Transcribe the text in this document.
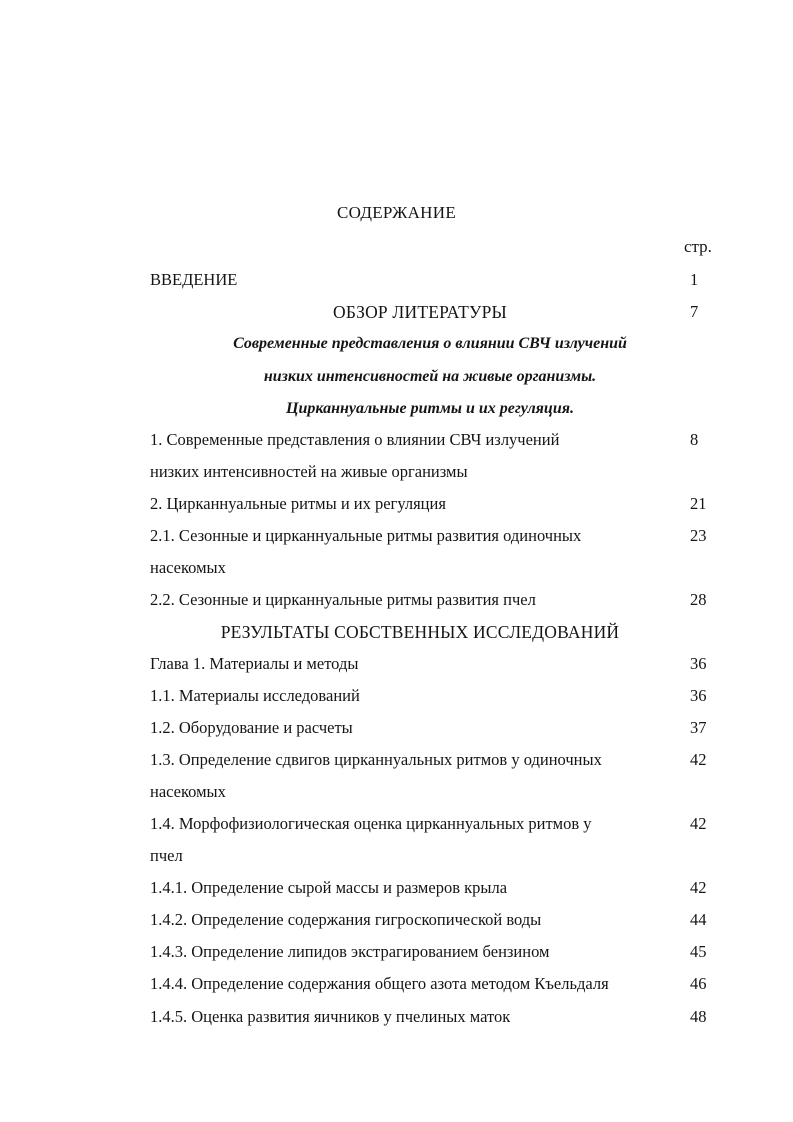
СОДЕРЖАНИЕ
стр.
ВВЕДЕНИЕ	1
ОБЗОР ЛИТЕРАТУРЫ	7
Современные представления о влиянии СВЧ излучений
низких интенсивностей на живые организмы.
Цирканнуальные ритмы и их регуляция.
1. Современные представления о влиянии СВЧ излучений	8
низких интенсивностей на живые организмы
2. Цирканнуальные ритмы и их регуляция	21
2.1. Сезонные и цирканнуальные ритмы развития одиночных	23
насекомых
2.2. Сезонные и цирканнуальные ритмы развития пчел	28
РЕЗУЛЬТАТЫ СОБСТВЕННЫХ ИССЛЕДОВАНИЙ
Глава 1. Материалы и методы	36
1.1. Материалы исследований	36
1.2. Оборудование и расчеты	37
1.3. Определение сдвигов цирканнуальных ритмов у одиночных	42
насекомых
1.4. Морфофизиологическая оценка цирканнуальных ритмов у	42
пчел
1.4.1. Определение сырой массы и размеров крыла	42
1.4.2. Определение содержания гигроскопической воды	44
1.4.3. Определение липидов экстрагированием бензином	45
1.4.4. Определение содержания общего азота методом Къельдаля	46
1.4.5. Оценка развития яичников у пчелиных маток	48
